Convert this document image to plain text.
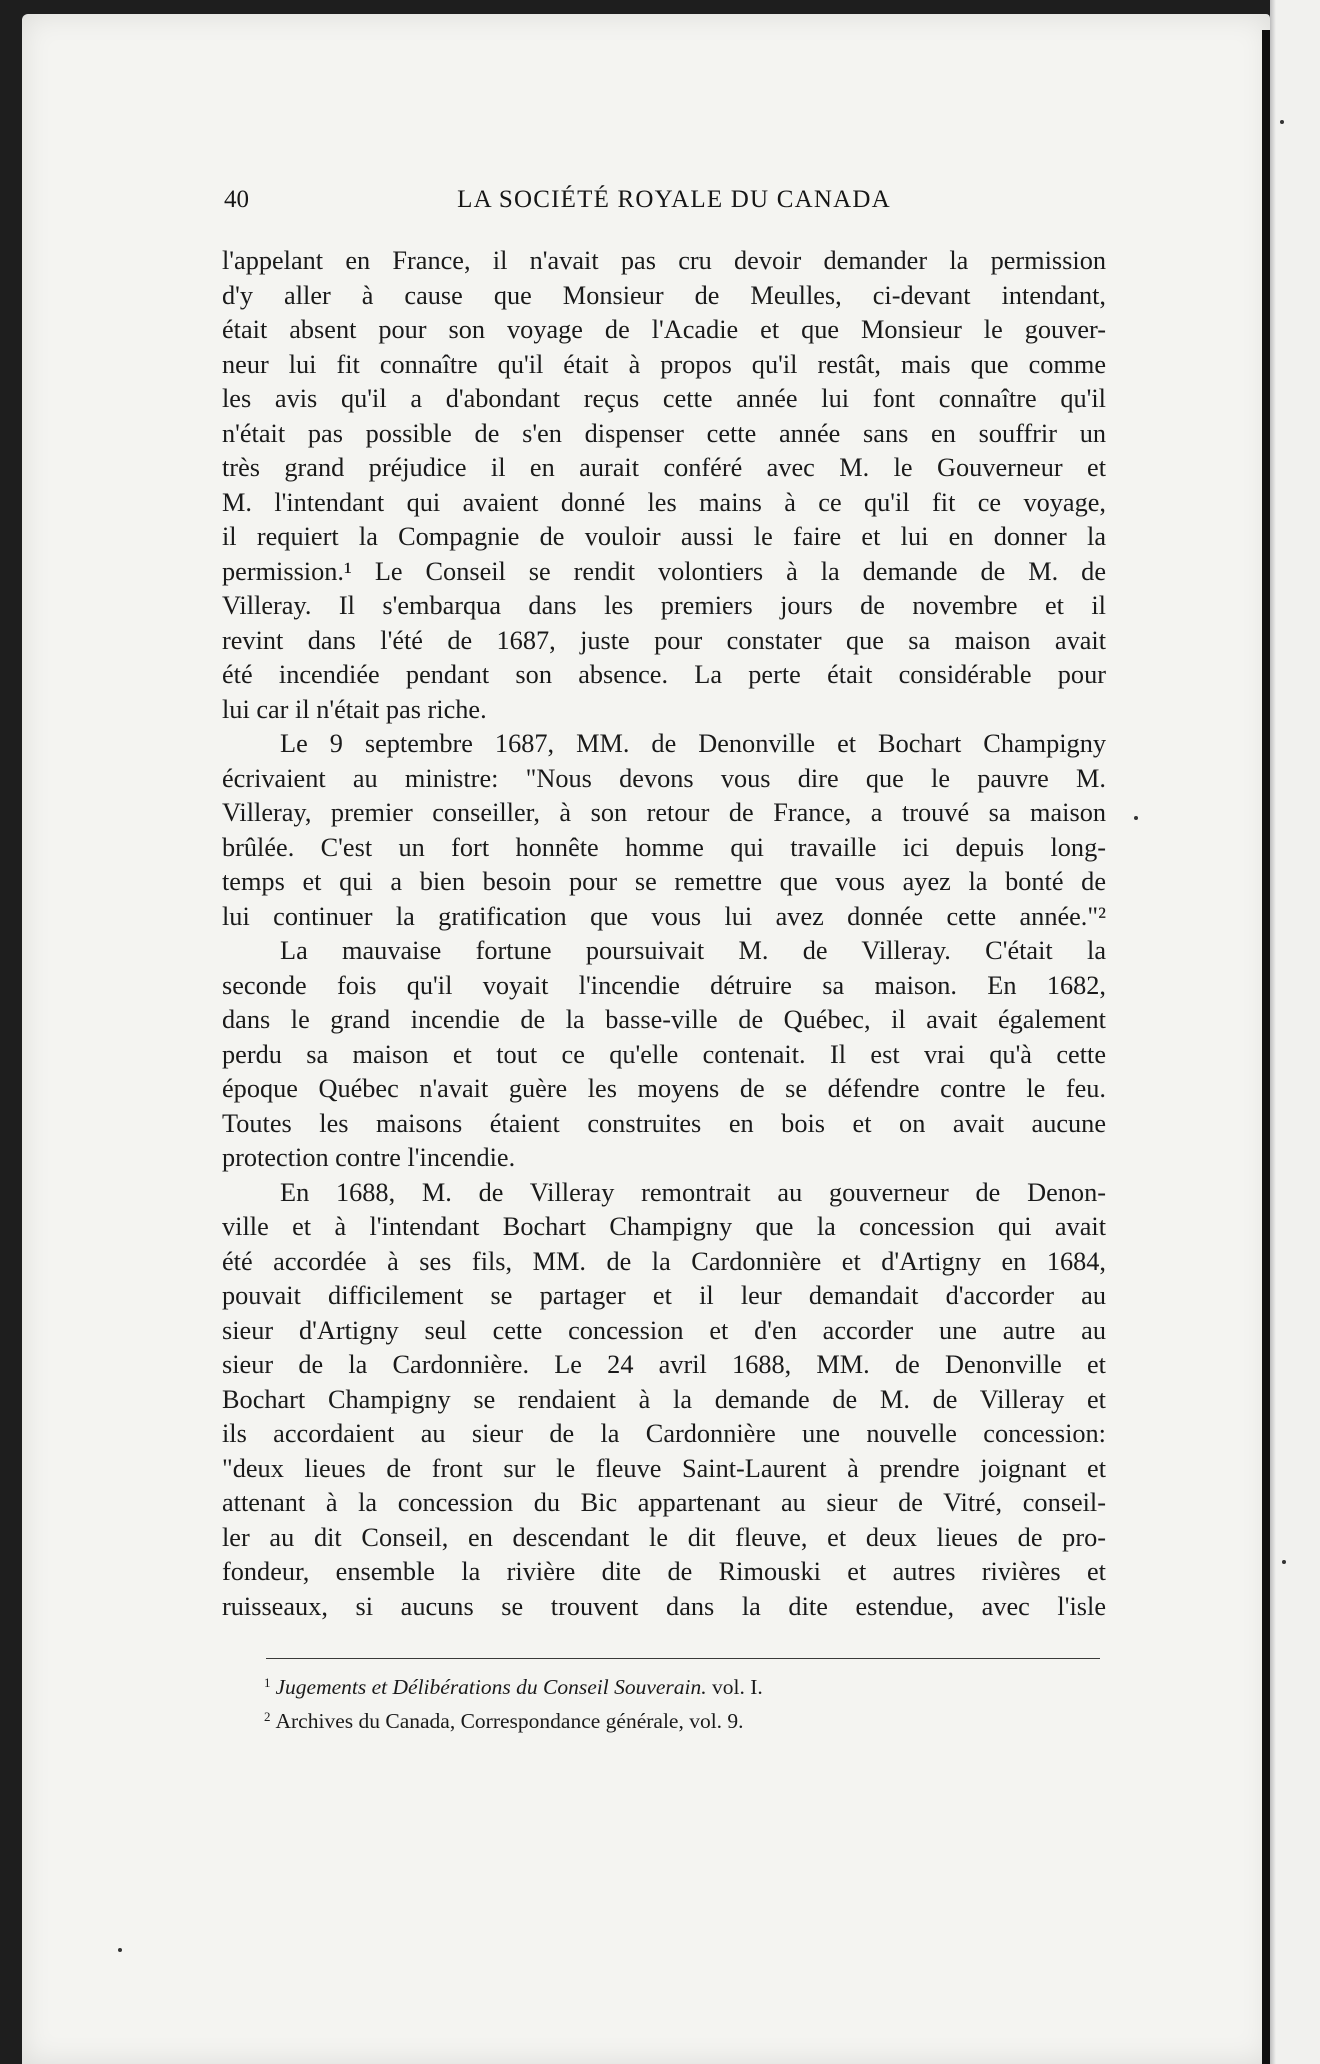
40	LA SOCIÉTÉ ROYALE DU CANADA
l'appelant en France, il n'avait pas cru devoir demander la permission
d'y aller à cause que Monsieur de Meulles, ci-devant intendant,
était absent pour son voyage de l'Acadie et que Monsieur le gouver-
neur lui fit connaître qu'il était à propos qu'il restât, mais que comme
les avis qu'il a d'abondant reçus cette année lui font connaître qu'il
n'était pas possible de s'en dispenser cette année sans en souffrir un
très grand préjudice il en aurait conféré avec M. le Gouverneur et
M. l'intendant qui avaient donné les mains à ce qu'il fit ce voyage,
il requiert la Compagnie de vouloir aussi le faire et lui en donner la
permission.¹ Le Conseil se rendit volontiers à la demande de M. de
Villeray. Il s'embarqua dans les premiers jours de novembre et il
revint dans l'été de 1687, juste pour constater que sa maison avait
été incendiée pendant son absence. La perte était considérable pour
lui car il n'était pas riche.
Le 9 septembre 1687, MM. de Denonville et Bochart Champigny
écrivaient au ministre: "Nous devons vous dire que le pauvre M.
Villeray, premier conseiller, à son retour de France, a trouvé sa maison
brûlée. C'est un fort honnête homme qui travaille ici depuis long-
temps et qui a bien besoin pour se remettre que vous ayez la bonté de
lui continuer la gratification que vous lui avez donnée cette année."²
La mauvaise fortune poursuivait M. de Villeray. C'était la
seconde fois qu'il voyait l'incendie détruire sa maison. En 1682,
dans le grand incendie de la basse-ville de Québec, il avait également
perdu sa maison et tout ce qu'elle contenait. Il est vrai qu'à cette
époque Québec n'avait guère les moyens de se défendre contre le feu.
Toutes les maisons étaient construites en bois et on avait aucune
protection contre l'incendie.
En 1688, M. de Villeray remontrait au gouverneur de Denon-
ville et à l'intendant Bochart Champigny que la concession qui avait
été accordée à ses fils, MM. de la Cardonnière et d'Artigny en 1684,
pouvait difficilement se partager et il leur demandait d'accorder au
sieur d'Artigny seul cette concession et d'en accorder une autre au
sieur de la Cardonnière. Le 24 avril 1688, MM. de Denonville et
Bochart Champigny se rendaient à la demande de M. de Villeray et
ils accordaient au sieur de la Cardonnière une nouvelle concession:
"deux lieues de front sur le fleuve Saint-Laurent à prendre joignant et
attenant à la concession du Bic appartenant au sieur de Vitré, conseil-
ler au dit Conseil, en descendant le dit fleuve, et deux lieues de pro-
fondeur, ensemble la rivière dite de Rimouski et autres rivières et
ruisseaux, si aucuns se trouvent dans la dite estendue, avec l'isle
$^1$ Jugements et Délibérations du Conseil Souverain. vol. I.
$^2$ Archives du Canada, Correspondance générale, vol. 9.
